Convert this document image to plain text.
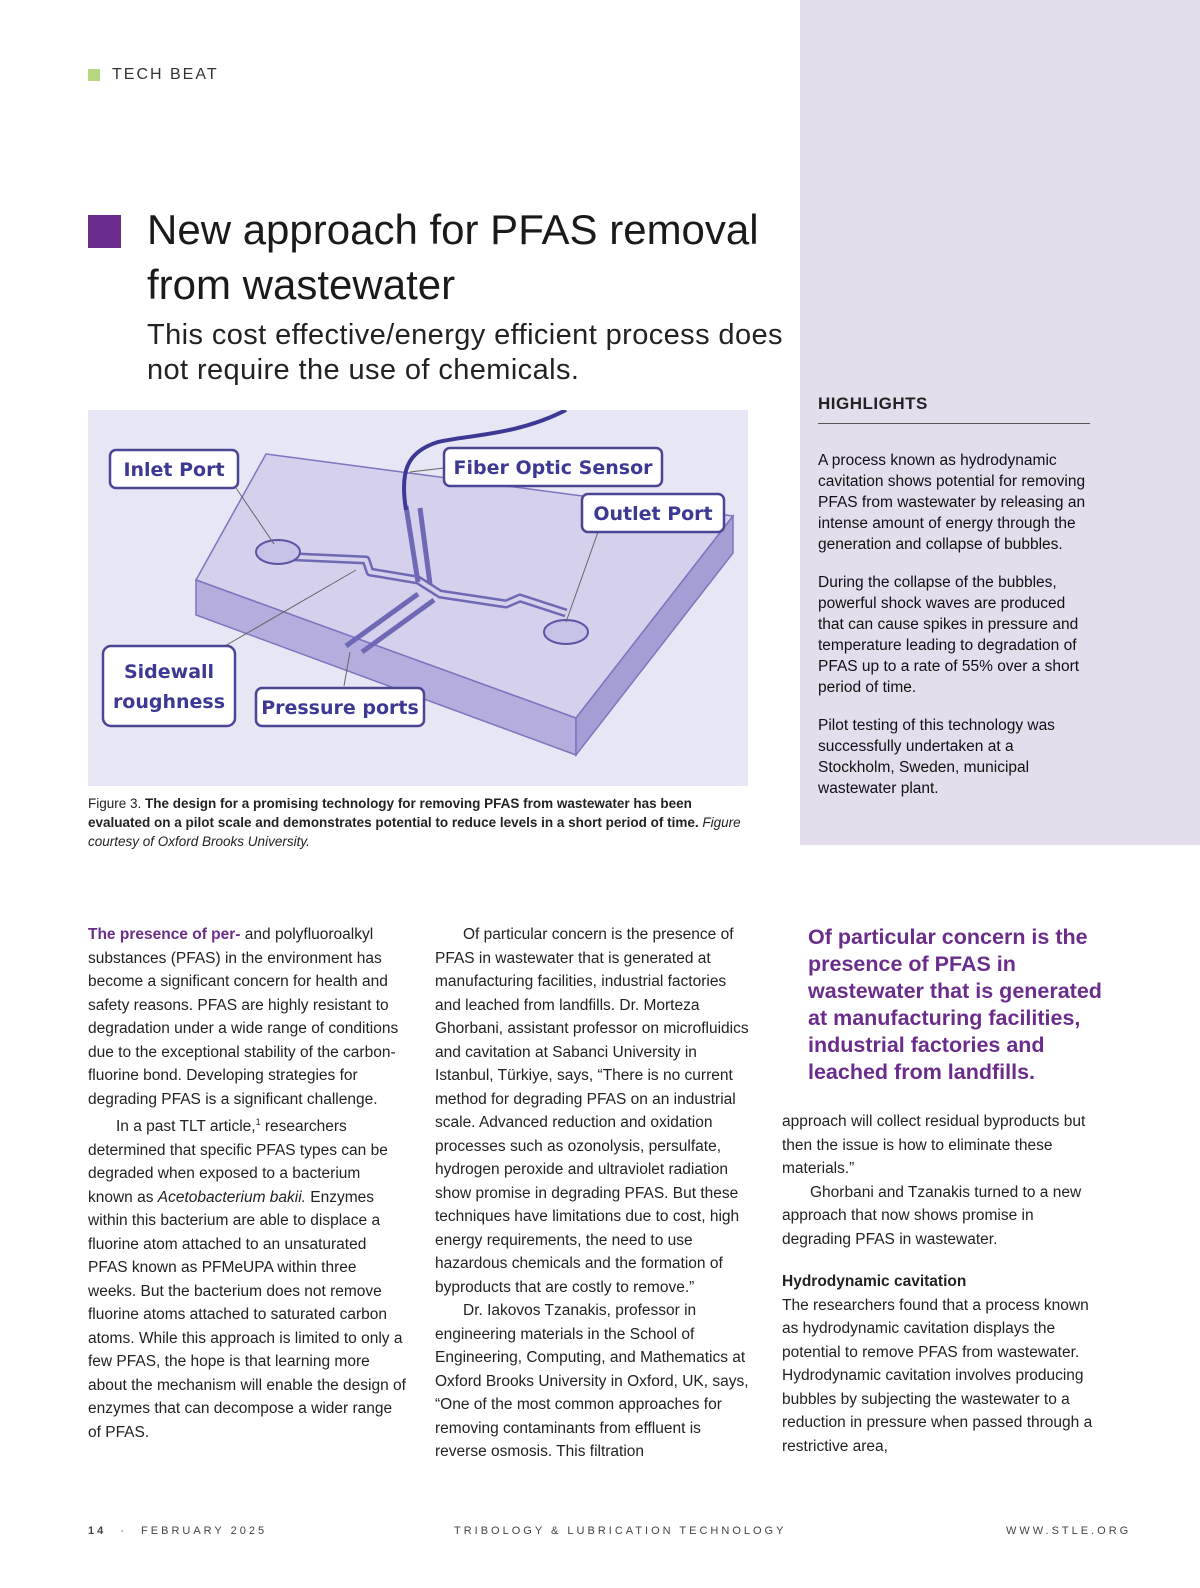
TECH BEAT
New approach for PFAS removal from wastewater
This cost effective/energy efficient process does not require the use of chemicals.
HIGHLIGHTS

A process known as hydrodynamic cavitation shows potential for removing PFAS from wastewater by releasing an intense amount of energy through the generation and collapse of bubbles.

During the collapse of the bubbles, powerful shock waves are produced that can cause spikes in pressure and temperature leading to degradation of PFAS up to a rate of 55% over a short period of time.

Pilot testing of this technology was successfully undertaken at a Stockholm, Sweden, municipal wastewater plant.

Inlet Port	Fiber Optic Sensor
Outlet Port
Sidewall
roughness Pressure ports
Figure 3. The design for a promising technology for removing PFAS from wastewater has been evaluated on a pilot scale and demonstrates potential to reduce levels in a short period of time. Figure courtesy of Oxford Brooks University.

The presence of per- and polyfluoroalkyl substances (PFAS) in the environment has become a significant concern for health and safety reasons. PFAS are highly resistant to degradation under a wide range of conditions due to the exceptional stability of the carbon-fluorine bond. Developing strategies for degrading PFAS is a significant challenge.

In a past TLT article,$^1$ researchers determined that specific PFAS types can be degraded when exposed to a bacterium known as Acetobacterium bakii. Enzymes within this bacterium are able to displace a fluorine atom attached to an unsaturated PFAS known as PFMeUPA within three weeks. But the bacterium does not remove fluorine atoms attached to saturated carbon atoms. While this approach is limited to only a few PFAS, the hope is that learning more about the mechanism will enable the design of enzymes that can decompose a wider range of PFAS.

Of particular concern is the presence of PFAS in wastewater that is generated at manufacturing facilities, industrial factories and leached from landfills. Dr. Morteza Ghorbani, assistant professor on microfluidics and cavitation at Sabanci University in Istanbul, Türkiye, says, “There is no current method for degrading PFAS on an industrial scale. Advanced reduction and oxidation processes such as ozonolysis, persulfate, hydrogen peroxide and ultraviolet radiation show promise in degrading PFAS. But these techniques have limitations due to cost, high energy requirements, the need to use hazardous chemicals and the formation of byproducts that are costly to remove.”

Dr. Iakovos Tzanakis, professor in engineering materials in the School of Engineering, Computing, and Mathematics at Oxford Brooks University in Oxford, UK, says, “One of the most common approaches for removing contaminants from effluent is reverse osmosis. This filtration

Of particular concern is the presence of PFAS in wastewater that is generated at manufacturing facilities, industrial factories and leached from landfills.

approach will collect residual byproducts but then the issue is how to eliminate these materials.”

Ghorbani and Tzanakis turned to a new approach that now shows promise in degrading PFAS in wastewater.

Hydrodynamic cavitation

The researchers found that a process known as hydrodynamic cavitation displays the potential to remove PFAS from wastewater. Hydrodynamic cavitation involves producing bubbles by subjecting the wastewater to a reduction in pressure when passed through a restrictive area,

14 · FEBRUARY 2025	TRIBOLOGY & LUBRICATION TECHNOLOGY	WWW.STLE.ORG
